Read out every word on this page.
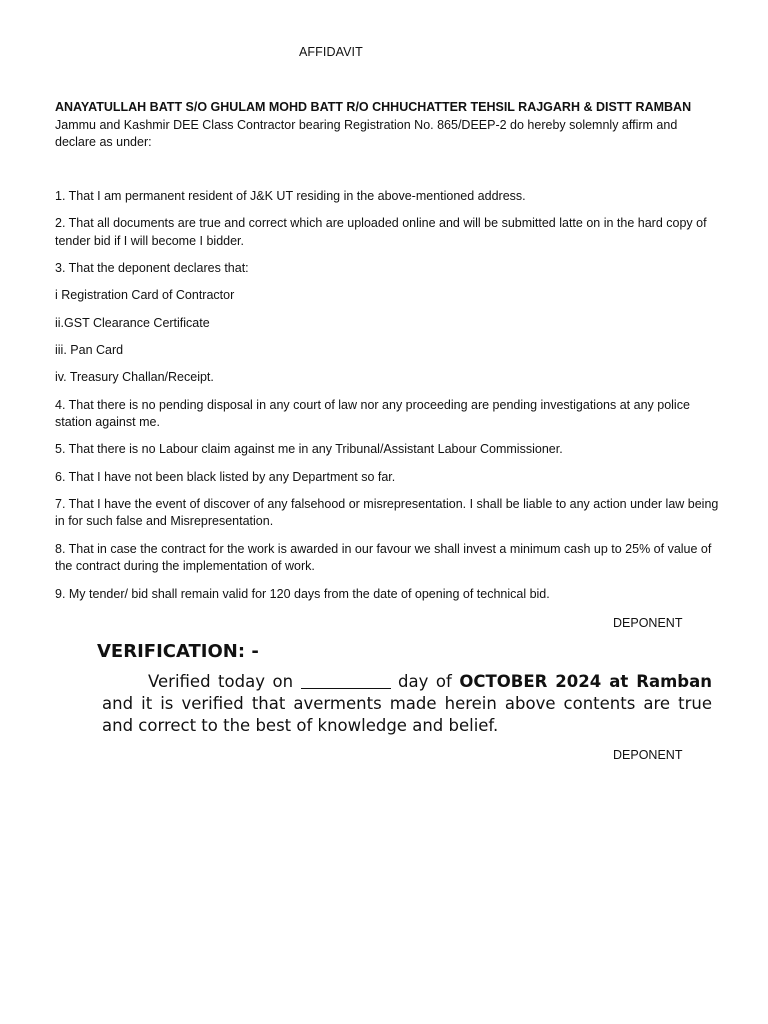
AFFIDAVIT

ANAYATULLAH BATT S/O GHULAM MOHD BATT R/O CHHUCHATTER TEHSIL RAJGARH & DISTT RAMBAN Jammu and Kashmir DEE Class Contractor bearing Registration No. 865/DEEP-2 do hereby solemnly affirm and declare as under:

1. That I am permanent resident of J&K UT residing in the above-mentioned address.
2. That all documents are true and correct which are uploaded online and will be submitted latte on in the hard copy of tender bid if I will become I bidder.
3. That the deponent declares that:
i Registration Card of Contractor
ii.GST Clearance Certificate
iii. Pan Card
iv. Treasury Challan/Receipt.
4. That there is no pending disposal in any court of law nor any proceeding are pending investigations at any police station against me.
5. That there is no Labour claim against me in any Tribunal/Assistant Labour Commissioner.
6. That I have not been black listed by any Department so far.
7. That I have the event of discover of any falsehood or misrepresentation. I shall be liable to any action under law being in for such false and Misrepresentation.
8. That in case the contract for the work is awarded in our favour we shall invest a minimum cash up to 25% of value of the contract during the implementation of work.
9. My tender/ bid shall remain valid for 120 days from the date of opening of technical bid.
DEPONENT
VERIFICATION: -

Verified today on	day of OCTOBER 2024 at Ramban and it is verified that averments made herein above contents are true and correct to the best of knowledge and belief.

DEPONENT
